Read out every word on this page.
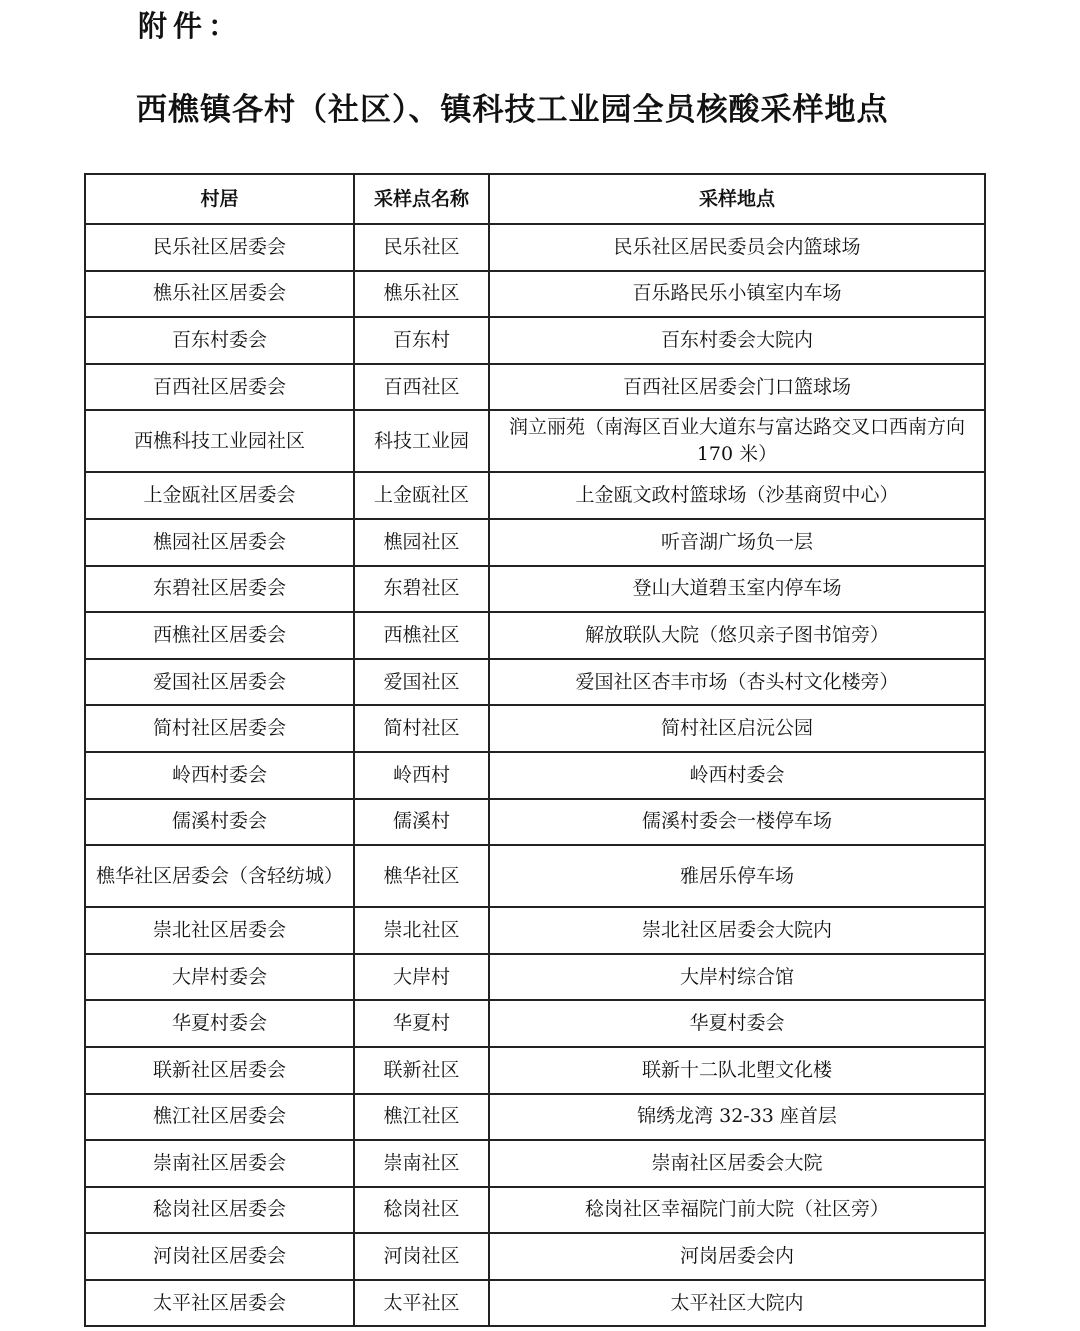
附件：
西樵镇各村（社区）、镇科技工业园全员核酸采样地点
村居	采样点名称	采样地点
民乐社区居委会	民乐社区	民乐社区居民委员会内篮球场
樵乐社区居委会	樵乐社区	百乐路民乐小镇室内车场
百东村委会	百东村	百东村委会大院内
百西社区居委会	百西社区	百西社区居委会门口篮球场
西樵科技工业园社区	科技工业园	润立丽苑（南海区百业大道东与富达路交叉口西南方向 170 米）
上金瓯社区居委会	上金瓯社区	上金瓯文政村篮球场（沙基商贸中心）
樵园社区居委会	樵园社区	听音湖广场负一层
东碧社区居委会	东碧社区	登山大道碧玉室内停车场
西樵社区居委会	西樵社区	解放联队大院（悠贝亲子图书馆旁）
爱国社区居委会	爱国社区	爱国社区杏丰市场（杏头村文化楼旁）
简村社区居委会	简村社区	简村社区启沅公园
岭西村委会	岭西村	岭西村委会
儒溪村委会	儒溪村	儒溪村委会一楼停车场
樵华社区居委会（含轻纺城）	樵华社区	雅居乐停车场
崇北社区居委会	崇北社区	崇北社区居委会大院内
大岸村委会	大岸村	大岸村综合馆
华夏村委会	华夏村	华夏村委会
联新社区居委会	联新社区	联新十二队北塱文化楼
樵江社区居委会	樵江社区	锦绣龙湾 32-33 座首层
崇南社区居委会	崇南社区	崇南社区居委会大院
稔岗社区居委会	稔岗社区	稔岗社区幸福院门前大院（社区旁）
河岗社区居委会	河岗社区	河岗居委会内
太平社区居委会	太平社区	太平社区大院内
